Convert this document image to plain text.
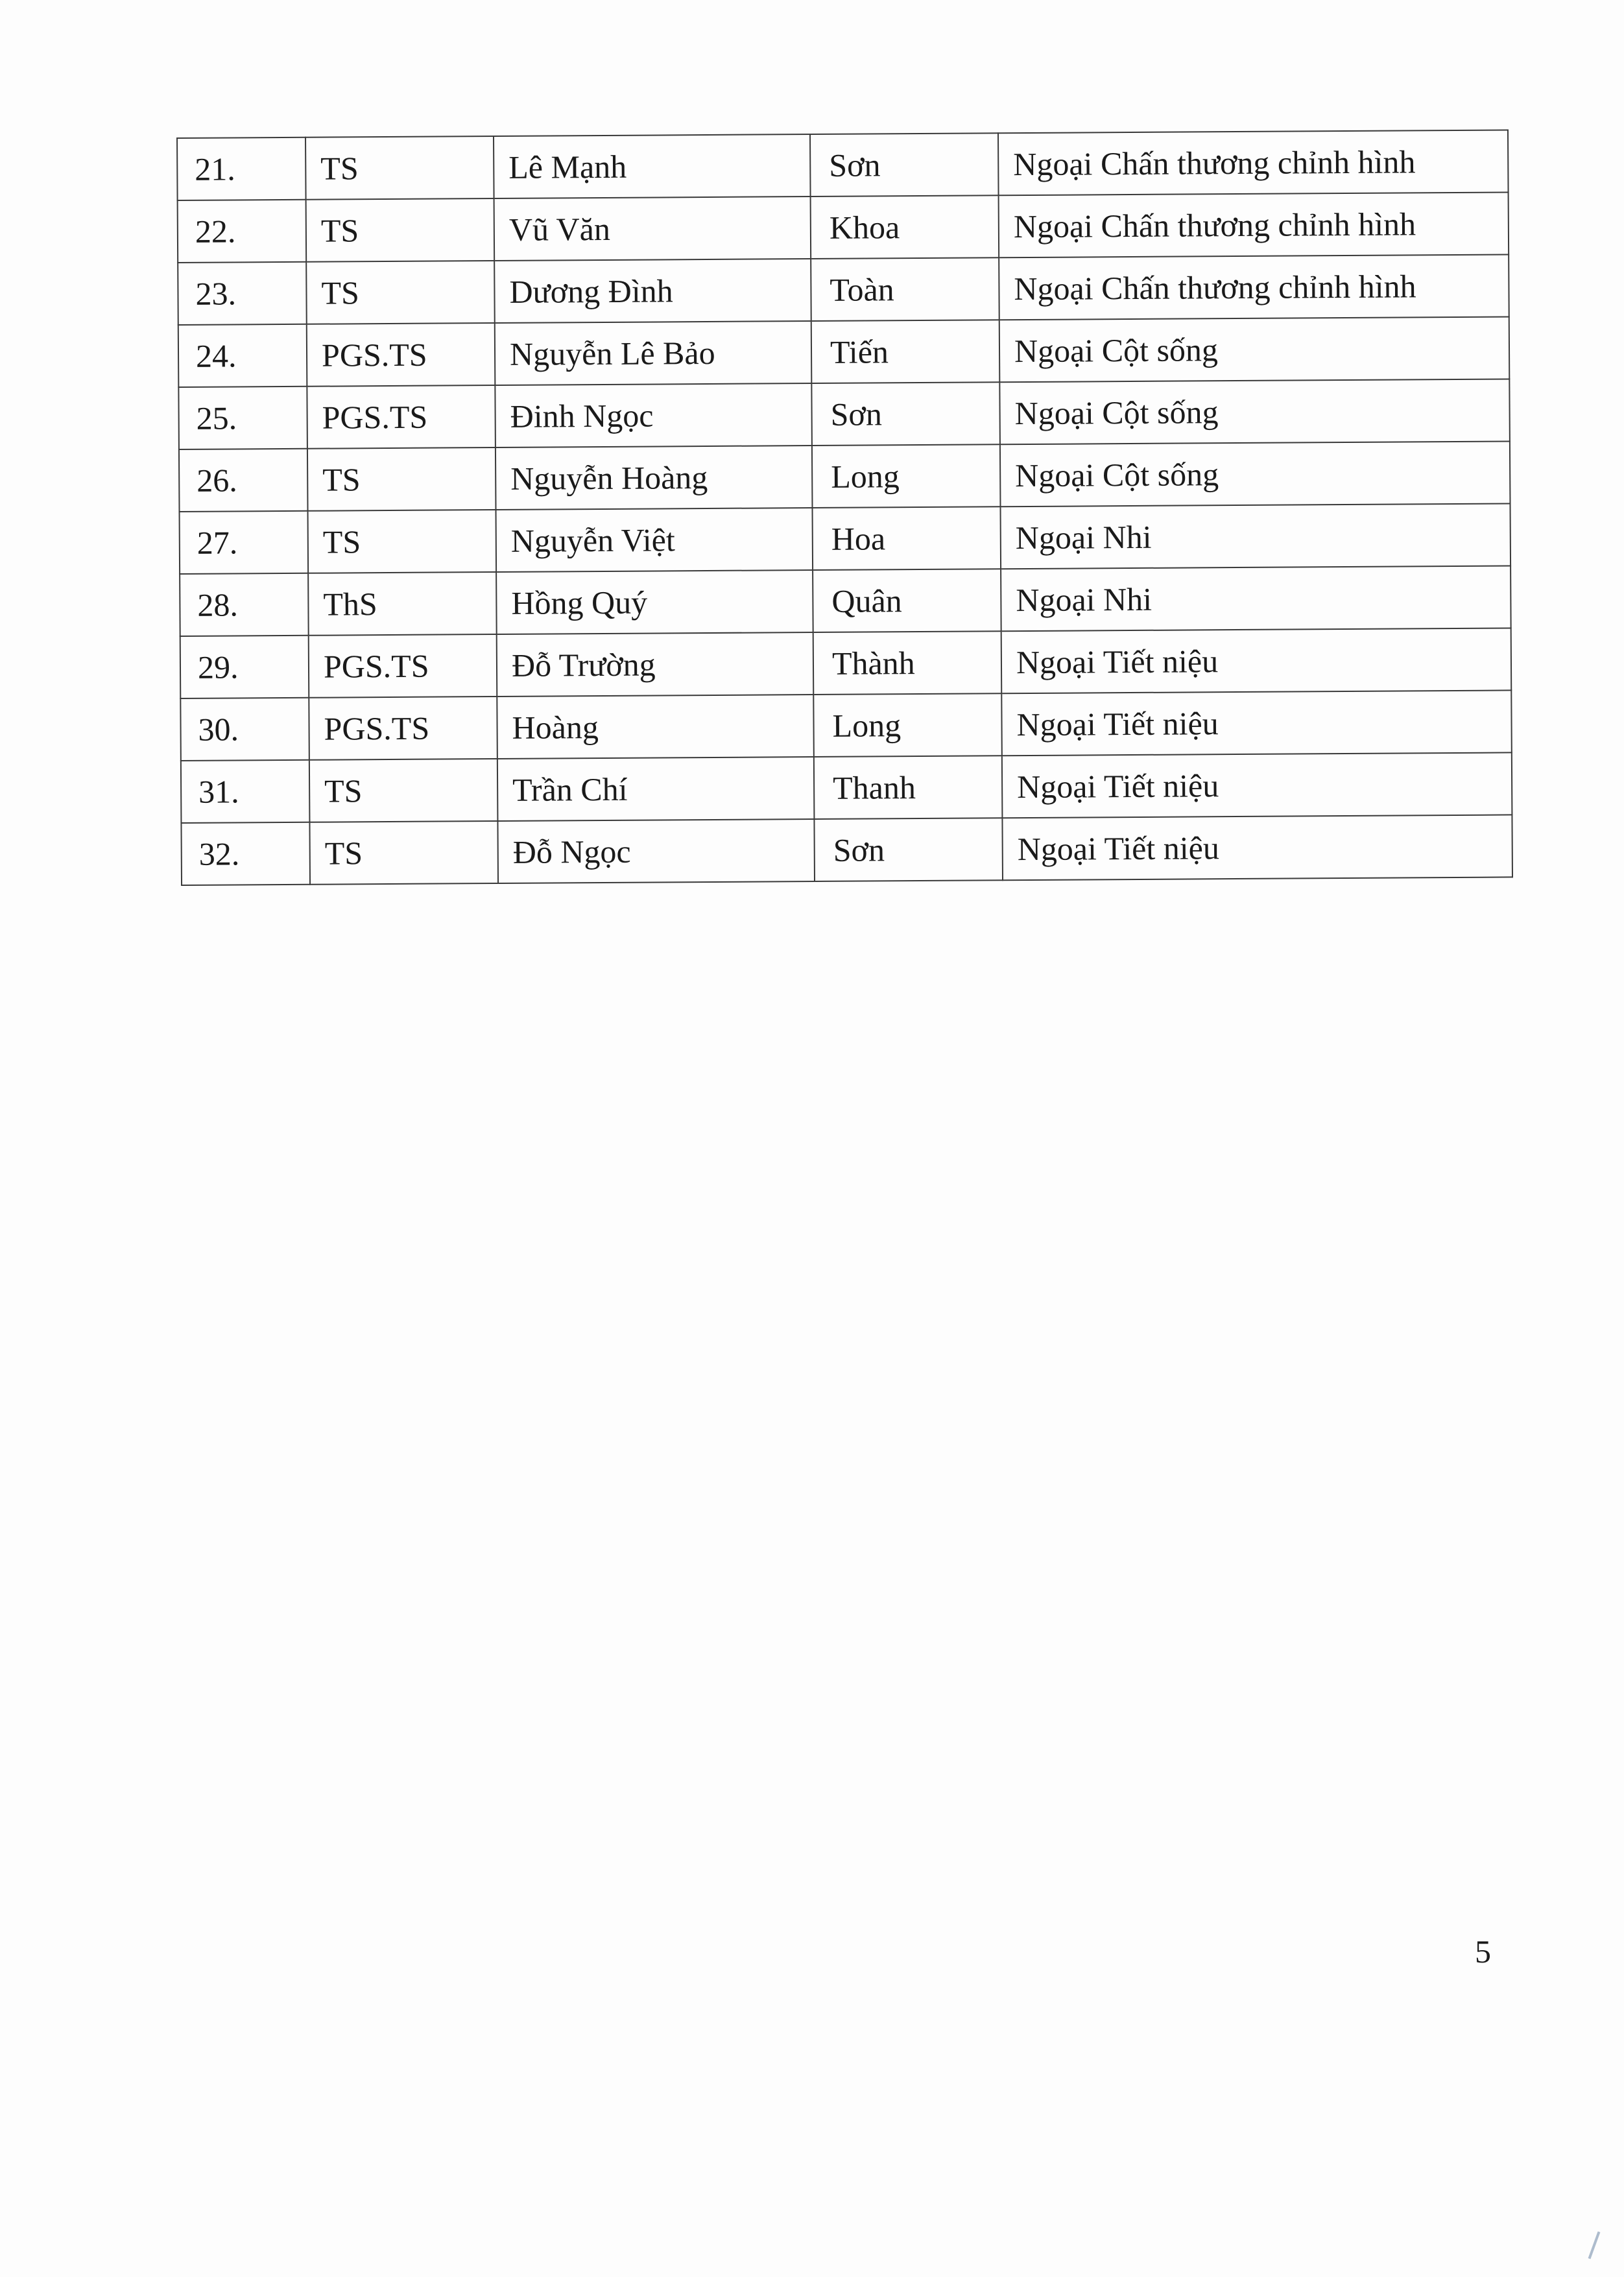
21.	TS	Lê Mạnh	Sơn	Ngoại Chấn thương chỉnh hình
22.	TS	Vũ Văn	Khoa	Ngoại Chấn thương chỉnh hình
23.	TS	Dương Đình	Toàn	Ngoại Chấn thương chỉnh hình
24.	PGS.TS	Nguyễn Lê Bảo	Tiến	Ngoại Cột sống
25.	PGS.TS	Đinh Ngọc	Sơn	Ngoại Cột sống
26.	TS	Nguyễn Hoàng	Long	Ngoại Cột sống
27.	TS	Nguyễn Việt	Hoa	Ngoại Nhi
28.	ThS	Hồng Quý	Quân	Ngoại Nhi
29.	PGS.TS	Đỗ Trường	Thành	Ngoại Tiết niệu
30.	PGS.TS	Hoàng	Long	Ngoại Tiết niệu
31.	TS	Trần Chí	Thanh	Ngoại Tiết niệu
32.	TS	Đỗ Ngọc	Sơn	Ngoại Tiết niệu
5
